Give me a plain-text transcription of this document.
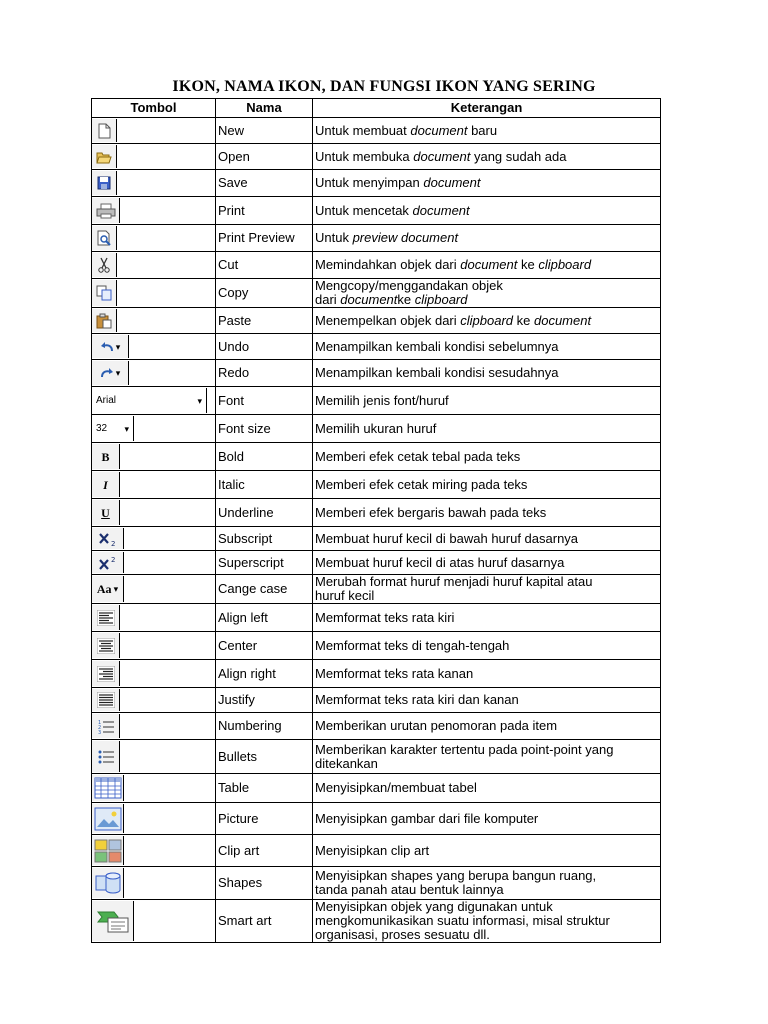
IKON, NAMA IKON, DAN FUNGSI IKON YANG SERING
Tombol	Nama	Keterangan

	New	Untuk membuat document baru

	Open	Untuk membuka document yang sudah ada

	Save	Untuk menyimpan document

	Print	Untuk mencetak document

	Print Preview	Untuk preview document

	Cut	Memindahkan objek dari document ke clipboard

	Copy	Mengcopy/menggandakan objek
dari documentke clipboard

	Paste	Menempelkan objek dari clipboard ke document

▾	Undo	Menampilkan kembali kondisi sebelumnya

▾	Redo	Menampilkan kembali kondisi sesudahnya

Arial ▾	Font	Memilih jenis font/huruf

32 ▾	Font size	Memilih ukuran huruf

B	Bold	Memberi efek cetak tebal pada teks

I	Italic	Memberi efek cetak miring pada teks

U	Underline	Memberi efek bergaris bawah pada teks

2	Subscript	Membuat huruf kecil di bawah huruf dasarnya

2	Superscript	Membuat huruf kecil di atas huruf dasarnya

Aa ▾	Cange case	Merubah format huruf menjadi huruf kapital atau
huruf kecil

	Align left	Memformat teks rata kiri

	Center	Memformat teks di tengah-tengah

	Align right	Memformat teks rata kanan

	Justify	Memformat teks rata kiri dan kanan

1
2
3	Numbering	Memberikan urutan penomoran pada item

	Bullets	Memberikan karakter tertentu pada point-point yang
ditekankan

	Table	Menyisipkan/membuat tabel

	Picture	Menyisipkan gambar dari file komputer

	Clip art	Menyisipkan clip art

	Shapes	Menyisipkan shapes yang berupa bangun ruang,
tanda panah atau bentuk lainnya

	Smart art	Menyisipkan objek yang digunakan untuk
mengkomunikasikan suatu informasi, misal struktur
organisasi, proses sesuatu dll.
